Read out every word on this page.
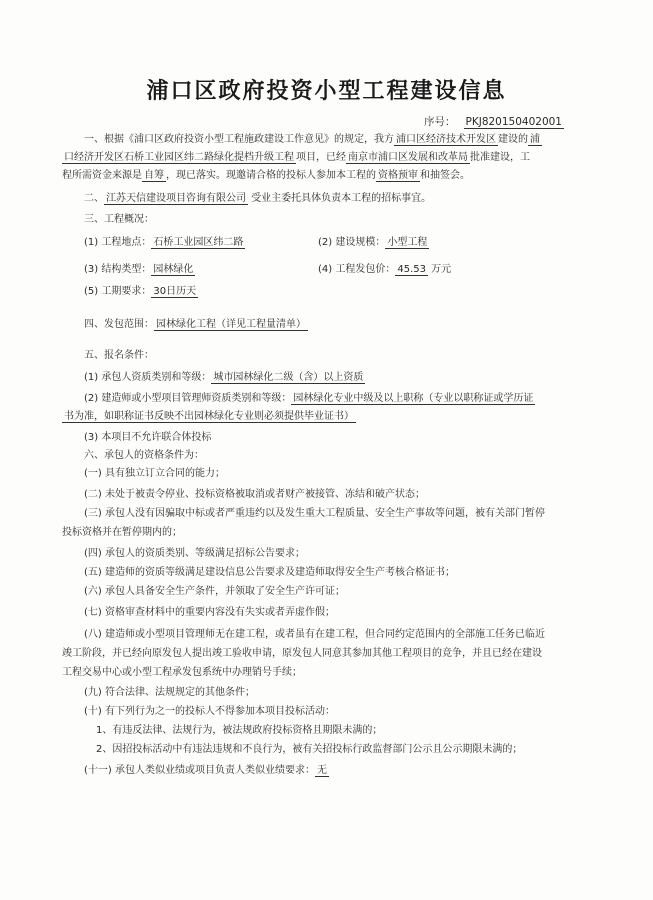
浦口区政府投资小型工程建设信息
序号： PKJ820150402001
一、根据《浦口区政府投资小型工程施政建设工作意见》的规定，我方 浦口区经济技术开发区 建设的 浦
口经济开发区石桥工业园区纬二路绿化提档升级工程 项目，已经 南京市浦口区发展和改革局 批准建设，工
程所需资金来源是 自筹 ，现已落实。现邀请合格的投标人参加本工程的 资格预审 和抽签会。
二、 江苏天信建设项目咨询有限公司 受业主委托具体负责本工程的招标事宜。
三、工程概况：
(1) 工程地点： 石桥工业园区纬二路	(2) 建设规模： 小型工程
(3) 结构类型： 园林绿化	(4) 工程发包价： 45.53 万元
(5) 工期要求： 30日历天
四、发包范围： 园林绿化工程（详见工程量清单）
五、报名条件：
(1) 承包人资质类别和等级： 城市园林绿化二级（含）以上资质
(2) 建造师或小型项目管理师资质类别和等级： 园林绿化专业中级及以上职称（专业以职称证或学历证
书为准，如职称证书反映不出园林绿化专业则必须提供毕业证书）
(3) 本项目不允许联合体投标
六、承包人的资格条件为：
(一) 具有独立订立合同的能力；
(二) 未处于被责令停业、投标资格被取消或者财产被接管、冻结和破产状态；
(三) 承包人没有因骗取中标或者严重违约以及发生重大工程质量、安全生产事故等问题，被有关部门暂停
投标资格并在暂停期内的；
(四) 承包人的资质类别、等级满足招标公告要求；
(五) 建造师的资质等级满足建设信息公告要求及建造师取得安全生产考核合格证书；
(六) 承包人具备安全生产条件，并领取了安全生产许可证；
(七) 资格审查材料中的重要内容没有失实或者弄虚作假；
(八) 建造师或小型项目管理师无在建工程，或者虽有在建工程，但合同约定范围内的全部施工任务已临近
竣工阶段，并已经向原发包人提出竣工验收申请，原发包人同意其参加其他工程项目的竞争，并且已经在建设
工程交易中心或小型工程承发包系统中办理销号手续；
(九) 符合法律、法规规定的其他条件；
(十) 有下列行为之一的投标人不得参加本项目投标活动：
1、有违反法律、法规行为，被法规政府投标资格且期限未满的；
2、因招投标活动中有违法违规和不良行为，被有关招投标行政监督部门公示且公示期限未满的；
(十一) 承包人类似业绩或项目负责人类似业绩要求： 无
